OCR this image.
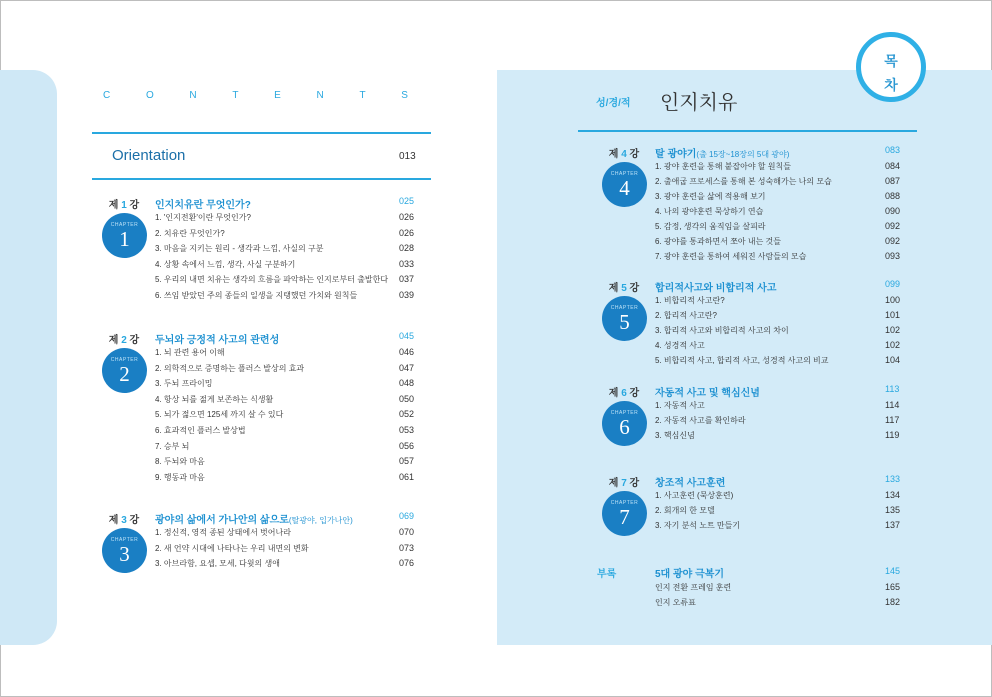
C	O	N	T	E	N	T	S
Orientation	013
제 1 강
CHAPTER
1
인지치유란 무엇인가?	025
1. '인지전환'이란 무엇인가?	026
2. 치유란 무엇인가?	026
3. 마음을 지키는 원리 - 생각과 느낌, 사실의 구분	028
4. 상황 속에서 느낌, 생각, 사실 구분하기	033
5. 우리의 내면 치유는 생각의 흐름을 파악하는 인지로부터 출발한다 037
6. 쓰임 받았던 주의 종들의 일생을 지탱했던 가치와 원칙들	039
제 2 강
CHAPTER
2
두뇌와 긍정적 사고의 관련성	045
1. 뇌 관련 용어 이해	046
2. 의학적으로 증명하는 플러스 발상의 효과	047
3. 두뇌 프라이밍	048
4. 항상 뇌를 젊게 보존하는 식생활	050
5. 뇌가 젊으면 125세 까지 살 수 있다	052
6. 효과적인 플러스 발상법	053
7. 승부 뇌	056
8. 두뇌와 마음	057
9. 행동과 마음	061
제 3 강
CHAPTER
3
광야의 삶에서 가나안의 삶으로(탈광야, 입가나안)	069
1. 정신적, 영적 종된 상태에서 벗어나라	070
2. 새 언약 시대에 나타나는 우리 내면의 변화	073
3. 아브라함, 요셉, 모세, 다윗의 생애	076
목
차
성/경/적 인지치유
제 4 강
CHAPTER
4
탈 광야기(출 15장~18장의 5대 광야)	083
1. 광야 훈련을 통해 붙잡아야 할 원칙들	084
2. 출애굽 프로세스를 통해 본 성숙해가는 나의 모습	087
3. 광야 훈련을 삶에 적용해 보기	088
4. 나의 광야훈련 묵상하기 연습	090
5. 감정, 생각의 움직임을 살피라	092
6. 광야를 통과하면서 쪼아 내는 것들	092
7. 광야 훈련을 통하여 세워진 사람들의 모습	093
제 5 강
CHAPTER
5
합리적사고와 비합리적 사고	099
1. 비합리적 사고란?	100
2. 합리적 사고란?	101
3. 합리적 사고와 비합리적 사고의 차이	102
4. 성경적 사고	102
5. 비합리적 사고, 합리적 사고, 성경적 사고의 비교	104
제 6 강
CHAPTER
6
자동적 사고 및 핵심신념	113
1. 자동적 사고	114
2. 자동적 사고를 확인하라	117
3. 핵심신념	119
제 7 강
CHAPTER
7
창조적 사고훈련	133
1. 사고훈련 (묵상훈련)	134
2. 회개의 한 모델	135
3. 자기 분석 노트 만들기	137
부록	5대 광야 극복기	145
인지 전환 프레임 훈련	165
인지 오류표	182
